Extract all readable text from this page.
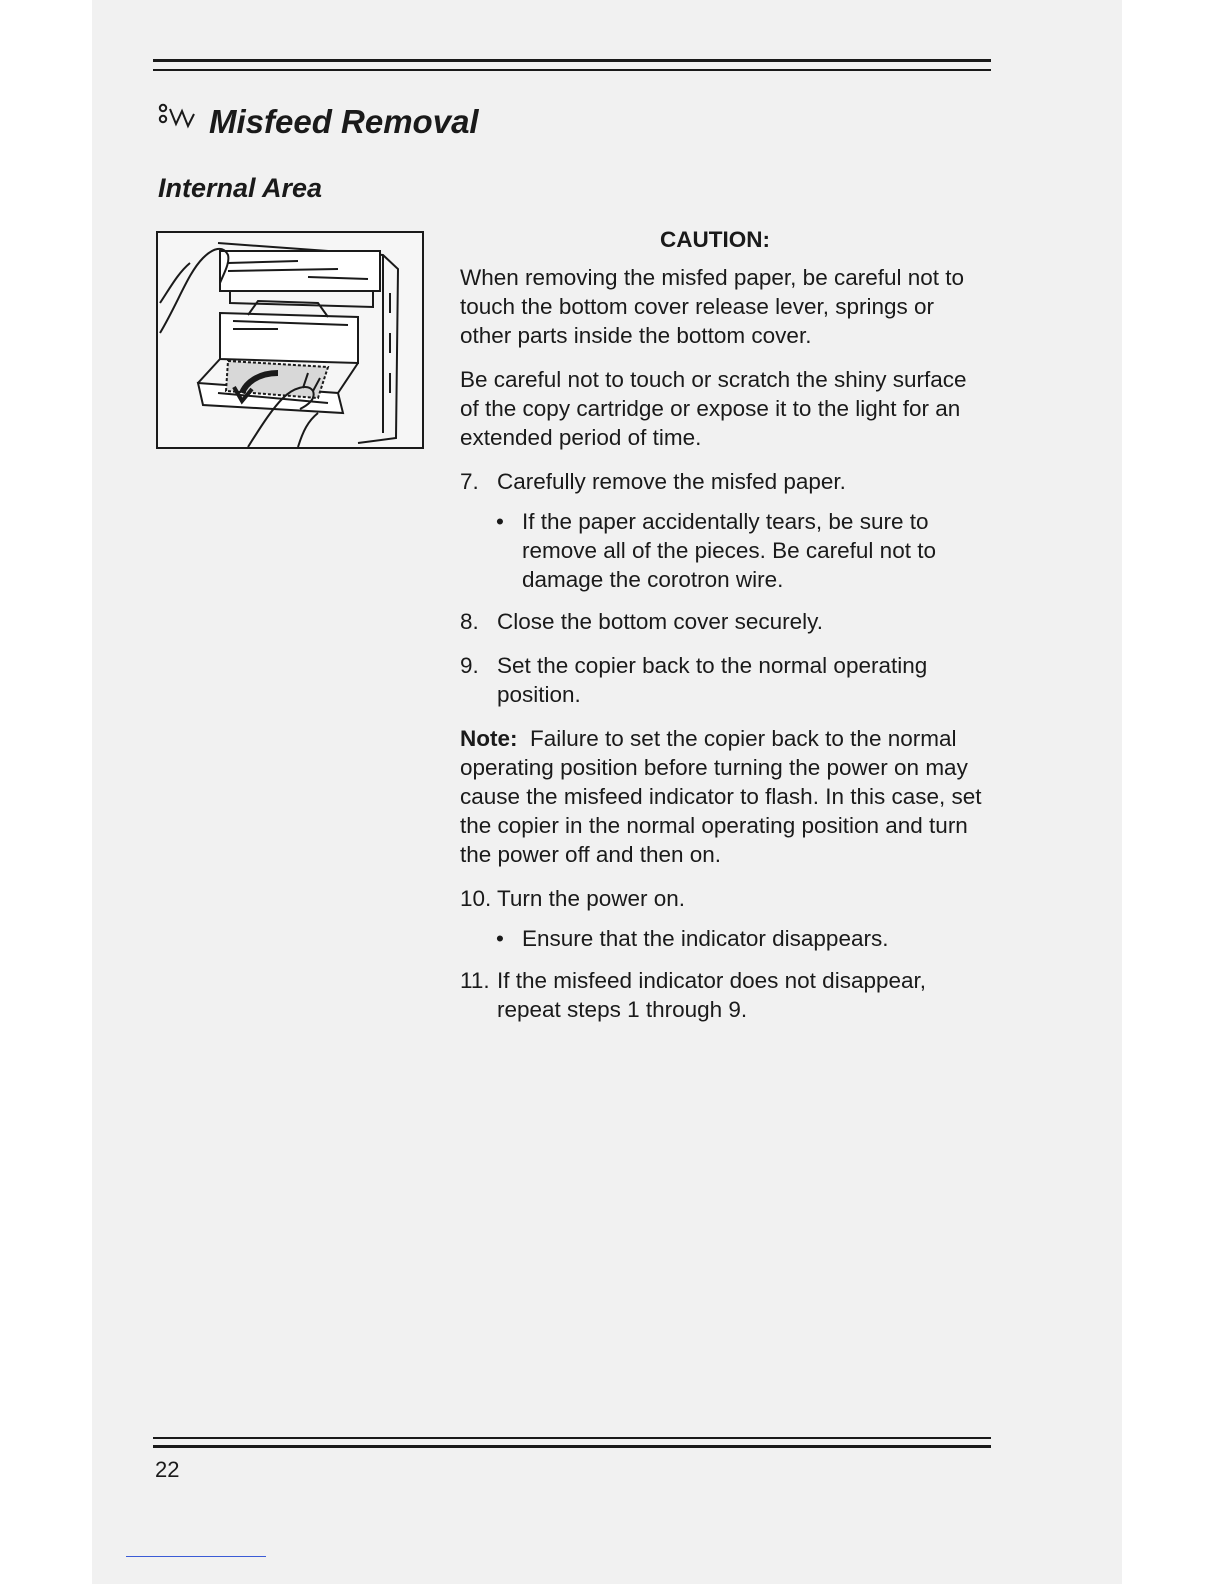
Misfeed Removal
Internal Area

CAUTION:

When removing the misfed paper, be careful not to touch the bottom cover release lever, springs or other parts inside the bottom cover.

Be careful not to touch or scratch the shiny surface of the copy cartridge or expose it to the light for an extended period of time.

7. Carefully remove the misfed paper.
• If the paper accidentally tears, be sure to remove all of the pieces. Be careful not to damage the corotron wire.
8. Close the bottom cover securely.
9. Set the copier back to the normal operating position.

Note: Failure to set the copier back to the normal operating position before turning the power on may cause the misfeed indicator to flash. In this case, set the copier in the normal operating position and turn the power off and then on.

10. Turn the power on.
• Ensure that the indicator disappears.
11. If the misfeed indicator does not disappear, repeat steps 1 through 9.
22
